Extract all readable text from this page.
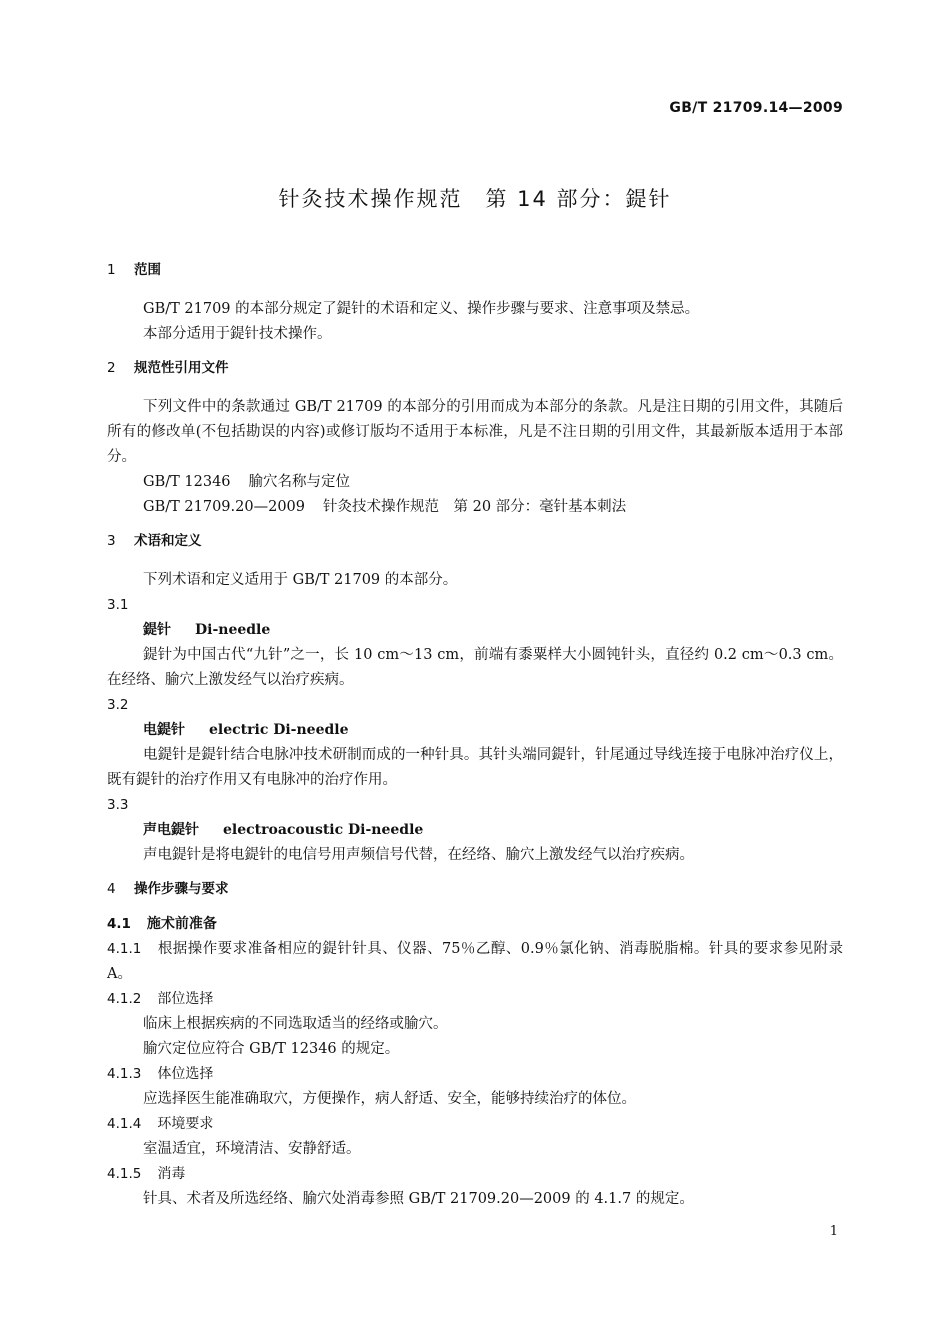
GB/T 21709.14—2009
针灸技术操作规范　第 14 部分：鍉针
1 范围

GB/T 21709 的本部分规定了鍉针的术语和定义、操作步骤与要求、注意事项及禁忌。

本部分适用于鍉针技术操作。

2 规范性引用文件

下列文件中的条款通过 GB/T 21709 的本部分的引用而成为本部分的条款。凡是注日期的引用文件，其随后所有的修改单(不包括勘误的内容)或修订版均不适用于本标准，凡是不注日期的引用文件，其最新版本适用于本部分。

GB/T 12346 腧穴名称与定位

GB/T 21709.20—2009 针灸技术操作规范　第 20 部分：毫针基本刺法

3 术语和定义

下列术语和定义适用于 GB/T 21709 的本部分。

3.1

鍉针 Di-needle

鍉针为中国古代“九针”之一，长 10 cm～13 cm，前端有黍粟样大小圆钝针头，直径约 0.2 cm～0.3 cm。在经络、腧穴上激发经气以治疗疾病。

3.2

电鍉针 electric Di-needle

电鍉针是鍉针结合电脉冲技术研制而成的一种针具。其针头端同鍉针，针尾通过导线连接于电脉冲治疗仪上，既有鍉针的治疗作用又有电脉冲的治疗作用。

3.3

声电鍉针 electroacoustic Di-needle

声电鍉针是将电鍉针的电信号用声频信号代替，在经络、腧穴上激发经气以治疗疾病。

4 操作步骤与要求

4.1 施术前准备

4.1.1 根据操作要求准备相应的鍉针针具、仪器、75％乙醇、0.9％氯化钠、消毒脱脂棉。针具的要求参见附录 A。

4.1.2 部位选择

临床上根据疾病的不同选取适当的经络或腧穴。

腧穴定位应符合 GB/T 12346 的规定。

4.1.3 体位选择

应选择医生能准确取穴，方便操作，病人舒适、安全，能够持续治疗的体位。

4.1.4 环境要求

室温适宜，环境清洁、安静舒适。

4.1.5 消毒

针具、术者及所选经络、腧穴处消毒参照 GB/T 21709.20—2009 的 4.1.7 的规定。

1
